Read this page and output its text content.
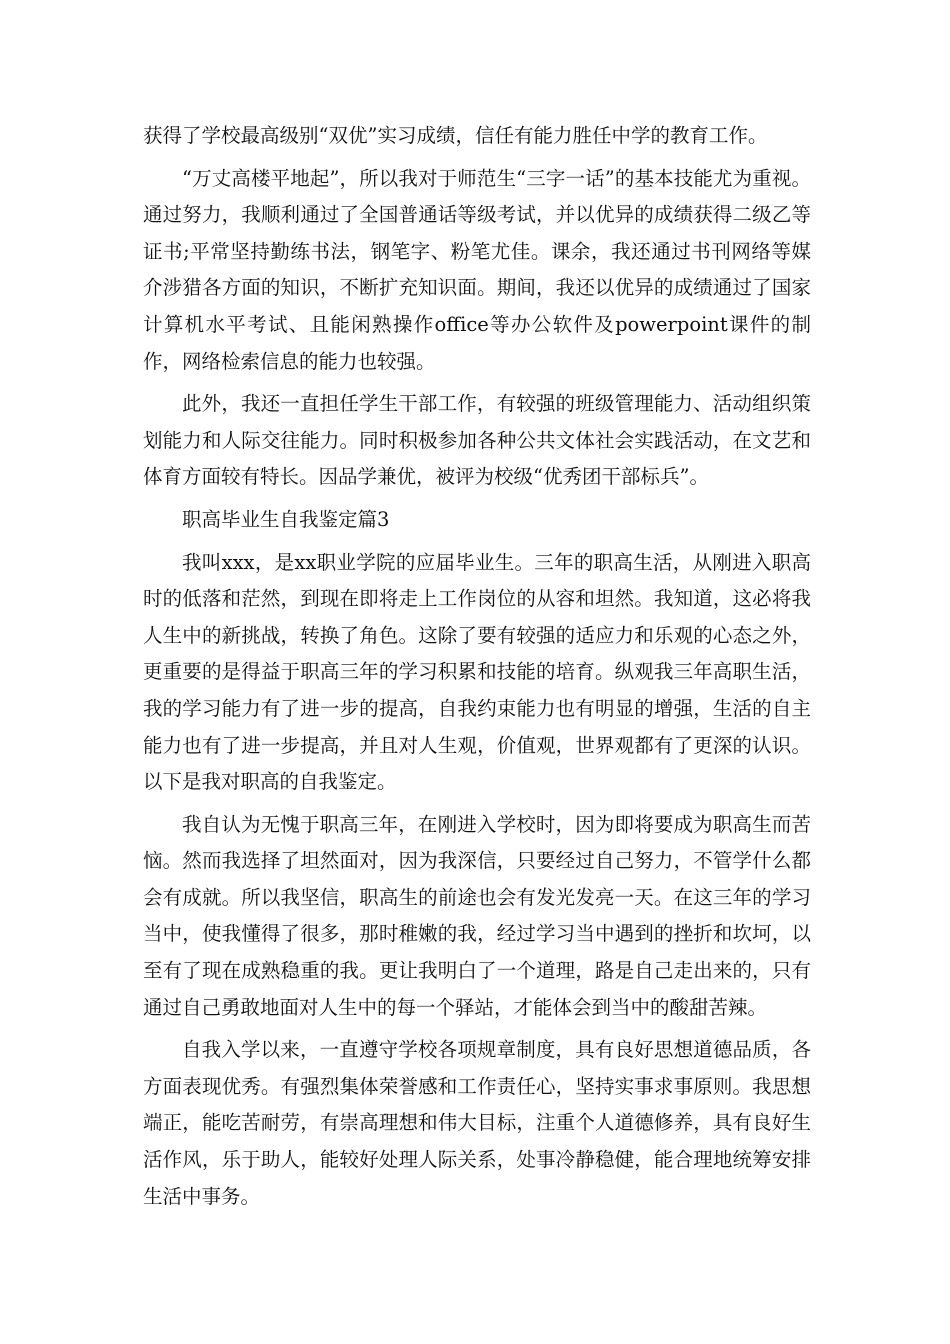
获得了学校最高级别“双优”实习成绩，信任有能力胜任中学的教育工作。

“万丈高楼平地起”，所以我对于师范生“三字一话”的基本技能尤为重视。通过努力，我顺利通过了全国普通话等级考试，并以优异的成绩获得二级乙等证书;平常坚持勤练书法，钢笔字、粉笔尤佳。课余，我还通过书刊网络等媒介涉猎各方面的知识，不断扩充知识面。期间，我还以优异的成绩通过了国家计算机水平考试、且能闲熟操作office等办公软件及powerpoint课件的制作，网络检索信息的能力也较强。

此外，我还一直担任学生干部工作，有较强的班级管理能力、活动组织策划能力和人际交往能力。同时积极参加各种公共文体社会实践活动，在文艺和体育方面较有特长。因品学兼优，被评为校级“优秀团干部标兵”。

职高毕业生自我鉴定篇3

我叫xxx，是xx职业学院的应届毕业生。三年的职高生活，从刚进入职高时的低落和茫然，到现在即将走上工作岗位的从容和坦然。我知道，这必将我人生中的新挑战，转换了角色。这除了要有较强的适应力和乐观的心态之外，更重要的是得益于职高三年的学习积累和技能的培育。纵观我三年高职生活，我的学习能力有了进一步的提高，自我约束能力也有明显的增强，生活的自主能力也有了进一步提高，并且对人生观，价值观，世界观都有了更深的认识。以下是我对职高的自我鉴定。

我自认为无愧于职高三年，在刚进入学校时，因为即将要成为职高生而苦恼。然而我选择了坦然面对，因为我深信，只要经过自己努力，不管学什么都会有成就。所以我坚信，职高生的前途也会有发光发亮一天。在这三年的学习当中，使我懂得了很多，那时稚嫩的我，经过学习当中遇到的挫折和坎坷，以至有了现在成熟稳重的我。更让我明白了一个道理，路是自己走出来的，只有通过自己勇敢地面对人生中的每一个驿站，才能体会到当中的酸甜苦辣。

自我入学以来，一直遵守学校各项规章制度，具有良好思想道德品质，各方面表现优秀。有强烈集体荣誉感和工作责任心，坚持实事求事原则。我思想端正，能吃苦耐劳，有崇高理想和伟大目标，注重个人道德修养，具有良好生活作风，乐于助人，能较好处理人际关系，处事冷静稳健，能合理地统筹安排生活中事务。
